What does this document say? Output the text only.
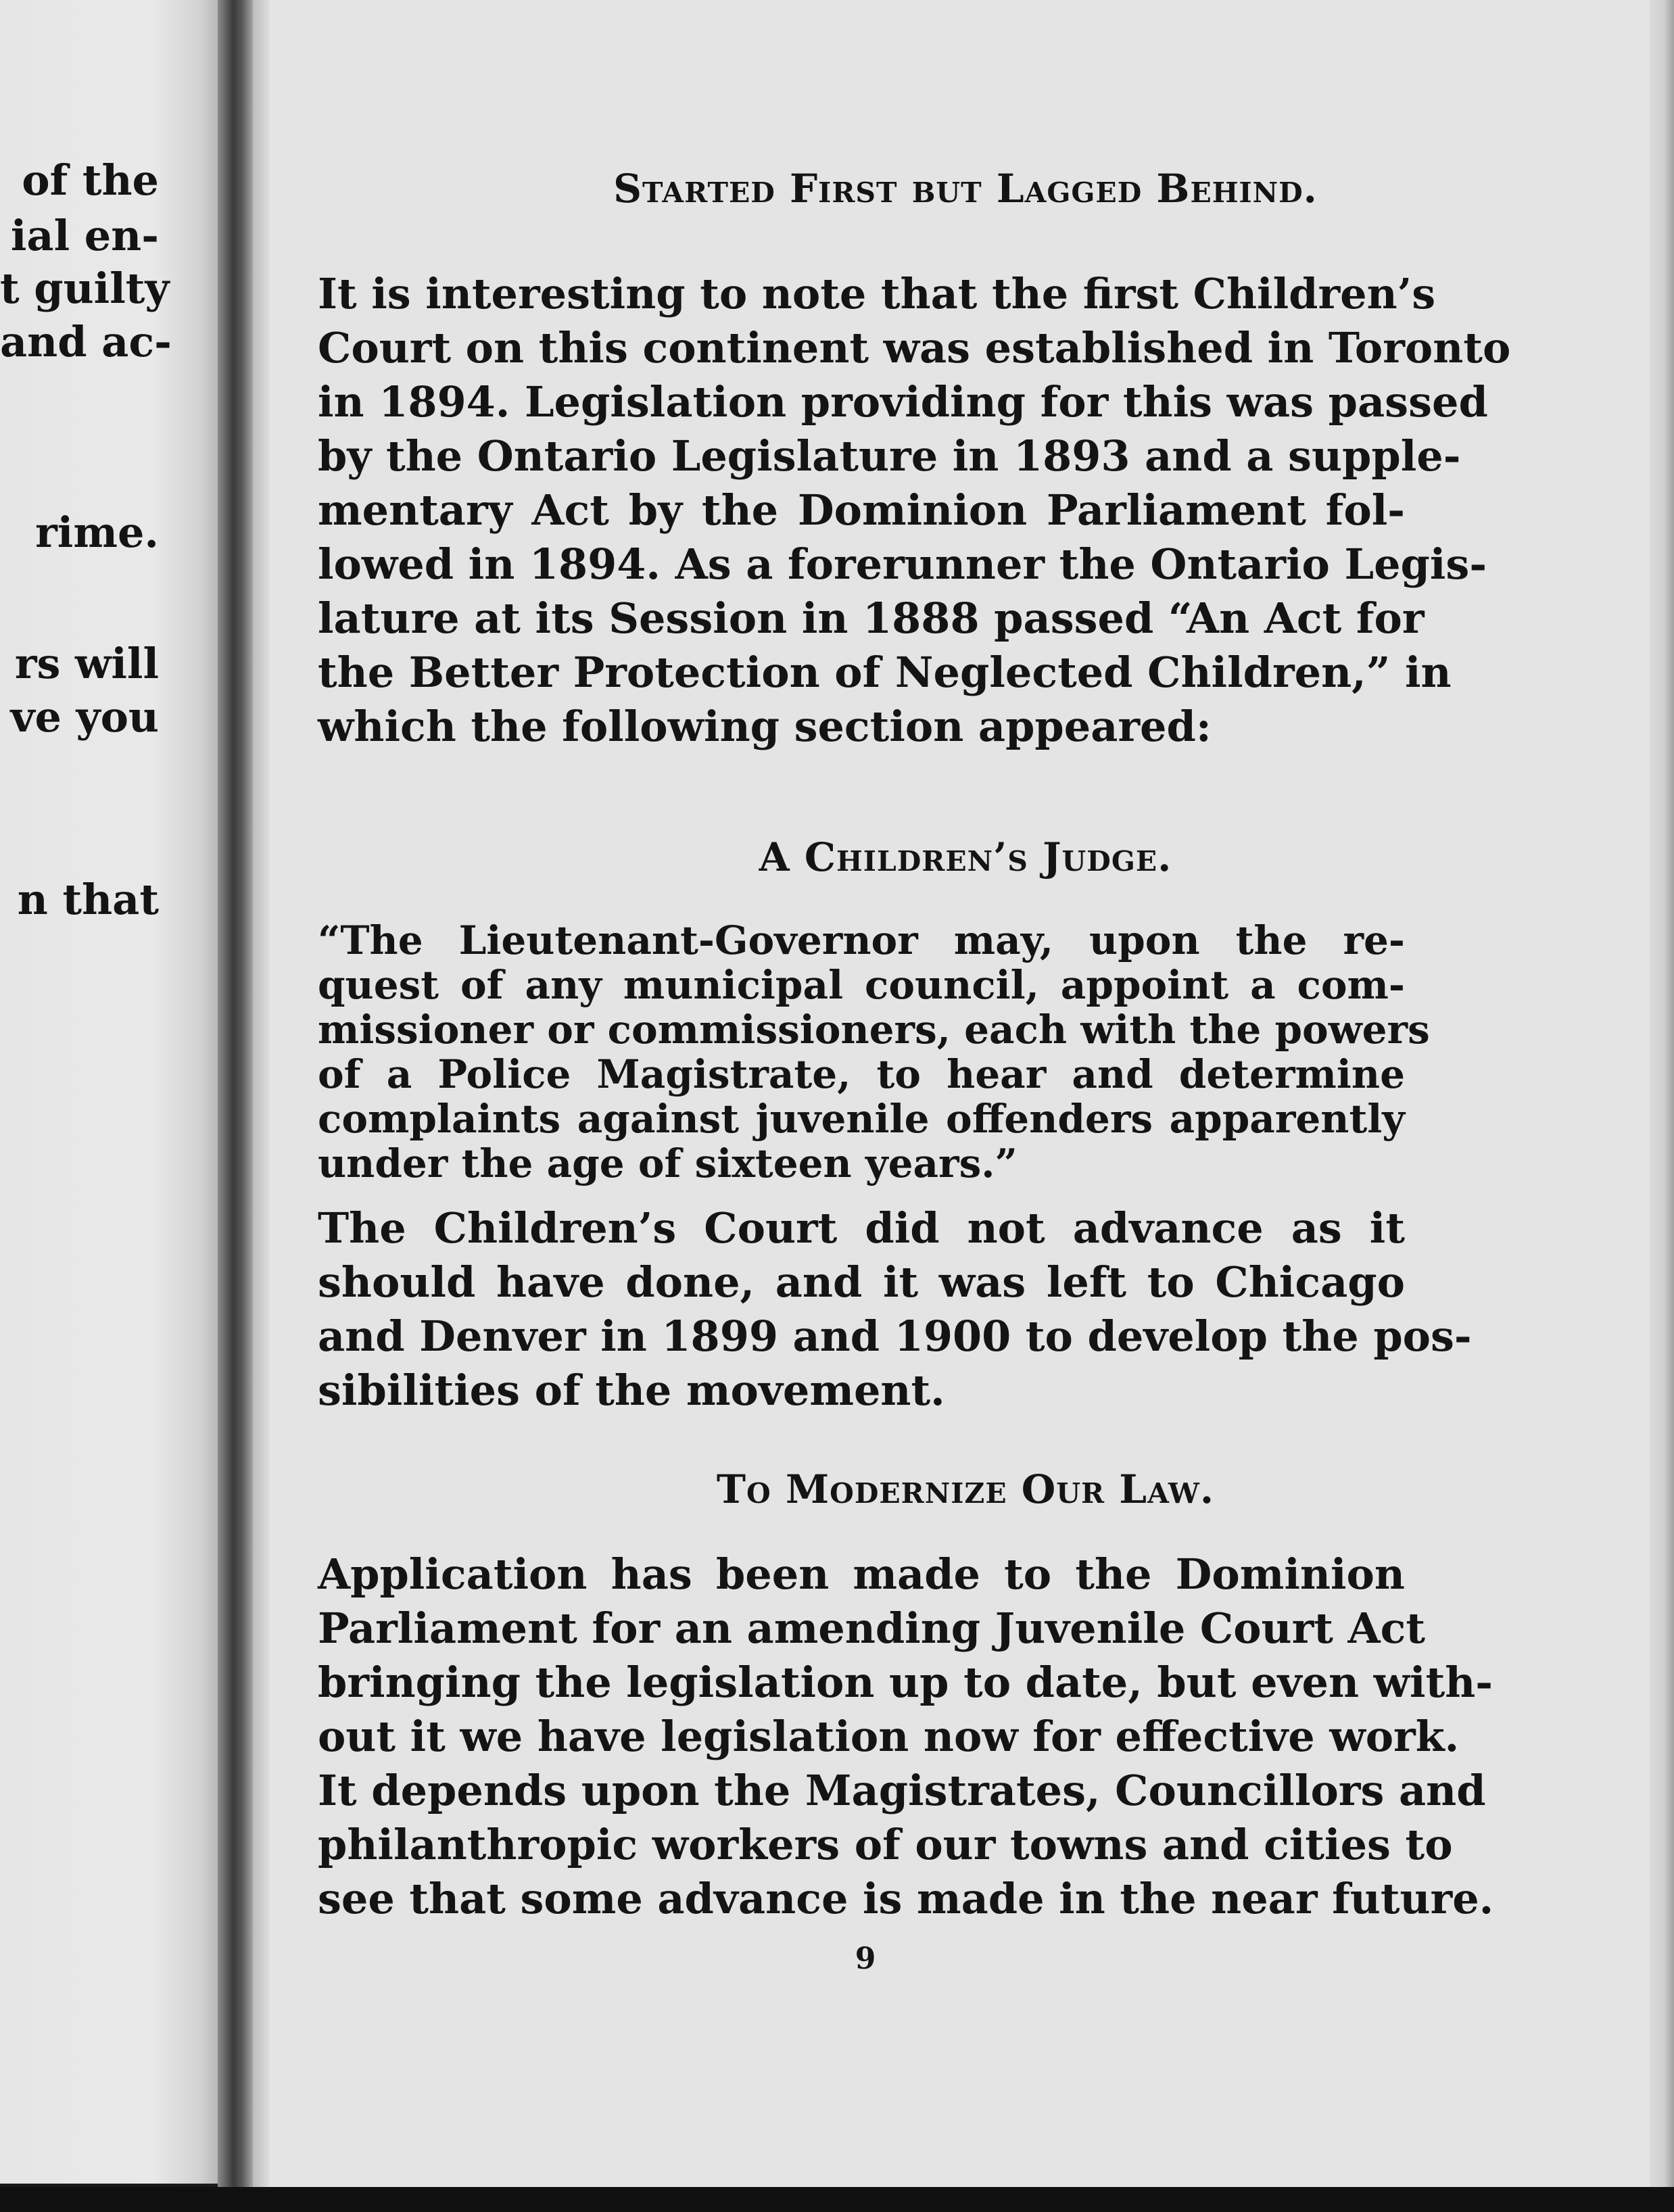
of the
ial en-
t guilty
and ac-
rime.
rs will
ve you
n that
Started First but Lagged Behind.
It is interesting to note that the first Children’s
Court on this continent was established in Toronto
in 1894. Legislation providing for this was passed
by the Ontario Legislature in 1893 and a supple-
mentary Act by the Dominion Parliament fol-
lowed in 1894. As a forerunner the Ontario Legis-
lature at its Session in 1888 passed “An Act for
the Better Protection of Neglected Children,” in
which the following section appeared:
A Children’s Judge.
“The Lieutenant-Governor may, upon the re-
quest of any municipal council, appoint a com-
missioner or commissioners, each with the powers
of a Police Magistrate, to hear and determine
complaints against juvenile offenders apparently
under the age of sixteen years.”
The Children’s Court did not advance as it
should have done, and it was left to Chicago
and Denver in 1899 and 1900 to develop the pos-
sibilities of the movement.
To Modernize Our Law.
Application has been made to the Dominion
Parliament for an amending Juvenile Court Act
bringing the legislation up to date, but even with-
out it we have legislation now for effective work.
It depends upon the Magistrates, Councillors and
philanthropic workers of our towns and cities to
see that some advance is made in the near future.
9
